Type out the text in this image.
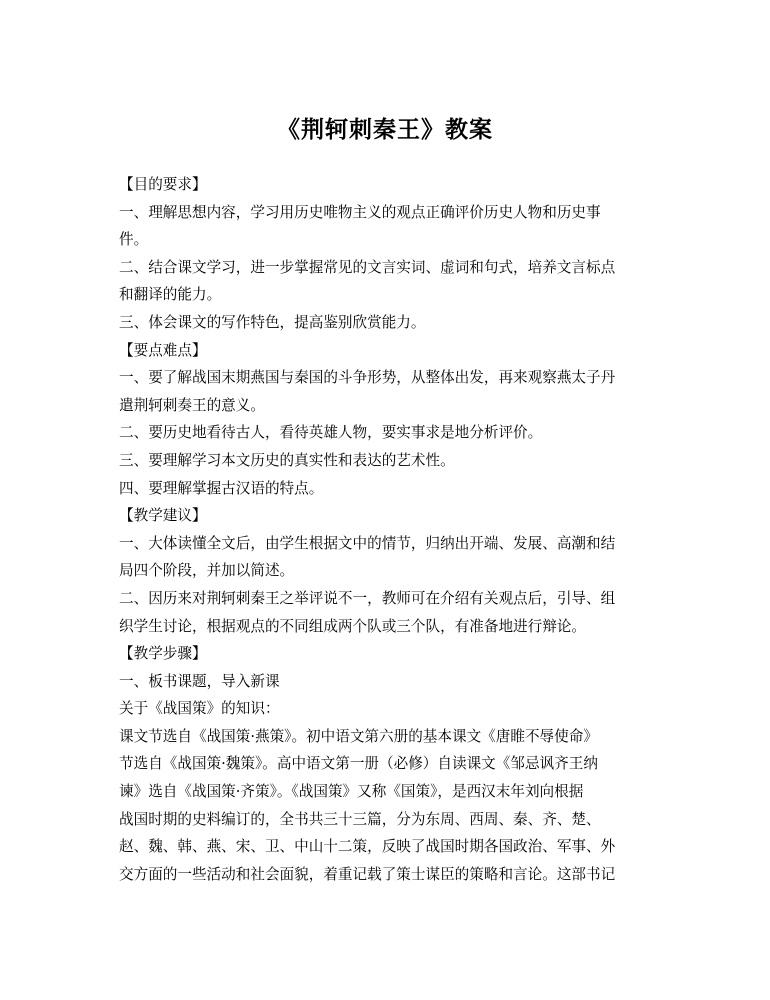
《荆轲刺秦王》教案
【目的要求】
一、理解思想内容，学习用历史唯物主义的观点正确评价历史人物和历史事
件。
二、结合课文学习，进一步掌握常见的文言实词、虚词和句式，培养文言标点
和翻译的能力。
三、体会课文的写作特色，提高鉴别欣赏能力。
【要点难点】
一、要了解战国末期燕国与秦国的斗争形势，从整体出发，再来观察燕太子丹
遣荆轲刺奏王的意义。
二、要历史地看待古人，看待英雄人物，要实事求是地分析评价。
三、要理解学习本文历史的真实性和表达的艺术性。
四、要理解掌握古汉语的特点。
【教学建议】
一、大体读懂全文后，由学生根据文中的情节，归纳出开端、发展、高潮和结
局四个阶段，并加以简述。
二、因历来对荆轲刺秦王之举评说不一，教师可在介绍有关观点后，引导、组
织学生讨论，根据观点的不同组成两个队或三个队，有准备地进行辩论。
【教学步骤】
一、板书课题，导入新课
关于《战国策》的知识：
课文节选自《战国策·燕策》。初中语文第六册的基本课文《唐睢不辱使命》
节选自《战国策·魏策》。高中语文第一册（必修）自读课文《邹忌讽齐王纳
谏》选自《战国策·齐策》。《战国策》又称《国策》，是西汉末年刘向根据
战国时期的史料编订的，全书共三十三篇，分为东周、西周、秦、齐、楚、
赵、魏、韩、燕、宋、卫、中山十二策，反映了战国时期各国政治、军事、外
交方面的一些活动和社会面貌，着重记载了策士谋臣的策略和言论。这部书记
